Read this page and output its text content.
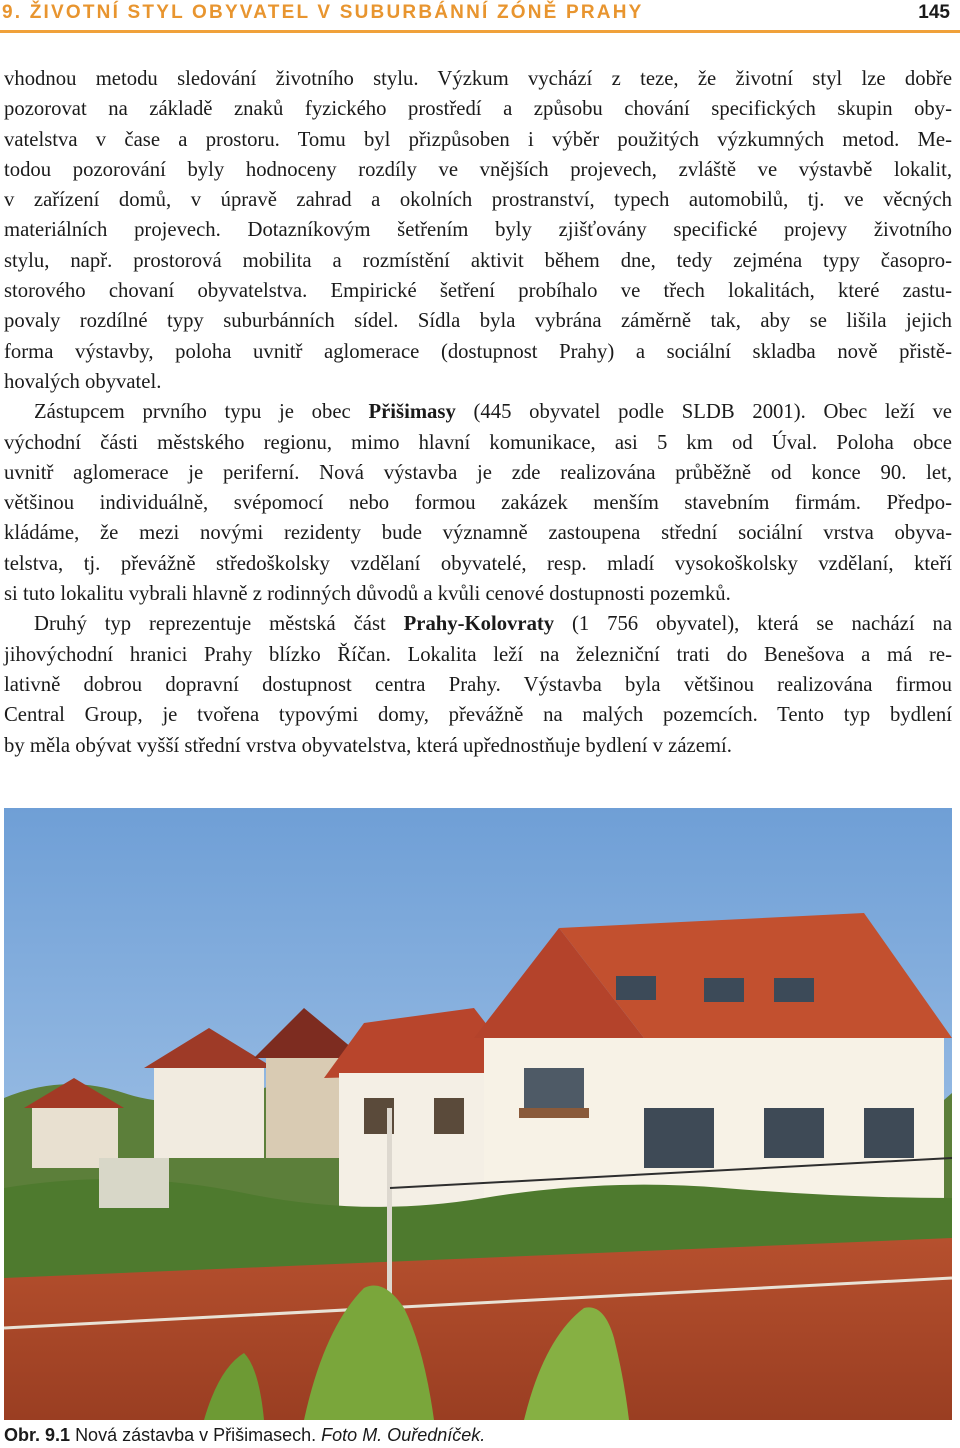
9. ŽIVOTNÍ STYL OBYVATEL V SUBURBÁNNÍ ZÓNĚ PRAHY	145
vhodnou metodu sledování životního stylu. Výzkum vychází z teze, že životní styl lze dobře
pozorovat na základě znaků fyzického prostředí a způsobu chování specifických skupin oby-
vatelstva v čase a prostoru. Tomu byl přizpůsoben i výběr použitých výzkumných metod. Me-
todou pozorování byly hodnoceny rozdíly ve vnějších projevech, zvláště ve výstavbě lokalit,
v zařízení domů, v úpravě zahrad a okolních prostranství, typech automobilů, tj. ve věcných
materiálních projevech. Dotazníkovým šetřením byly zjišťovány specifické projevy životního
stylu, např. prostorová mobilita a rozmístění aktivit během dne, tedy zejména typy časopro-
storového chovaní obyvatelstva. Empirické šetření probíhalo ve třech lokalitách, které zastu-
povaly rozdílné typy suburbánních sídel. Sídla byla vybrána záměrně tak, aby se lišila jejich
forma výstavby, poloha uvnitř aglomerace (dostupnost Prahy) a sociální skladba nově přistě-
hovalých obyvatel.
Zástupcem prvního typu je obec Přišimasy (445 obyvatel podle SLDB 2001). Obec leží ve
východní části městského regionu, mimo hlavní komunikace, asi 5 km od Úval. Poloha obce
uvnitř aglomerace je periferní. Nová výstavba je zde realizována průběžně od konce 90. let,
většinou individuálně, svépomocí nebo formou zakázek menším stavebním firmám. Předpo-
kládáme, že mezi novými rezidenty bude významně zastoupena střední sociální vrstva obyva-
telstva, tj. převážně středoškolsky vzdělaní obyvatelé, resp. mladí vysokoškolsky vzdělaní, kteří
si tuto lokalitu vybrali hlavně z rodinných důvodů a kvůli cenové dostupnosti pozemků.
Druhý typ reprezentuje městská část Prahy-Kolovraty (1 756 obyvatel), která se nachází na
jihovýchodní hranici Prahy blízko Říčan. Lokalita leží na železniční trati do Benešova a má re-
lativně dobrou dopravní dostupnost centra Prahy. Výstavba byla většinou realizována firmou
Central Group, je tvořena typovými domy, převážně na malých pozemcích. Tento typ bydlení
by měla obývat vyšší střední vrstva obyvatelstva, která upřednostňuje bydlení v zázemí.
Obr. 9.1 Nová zástavba v Přišimasech. Foto M. Ouředníček.
